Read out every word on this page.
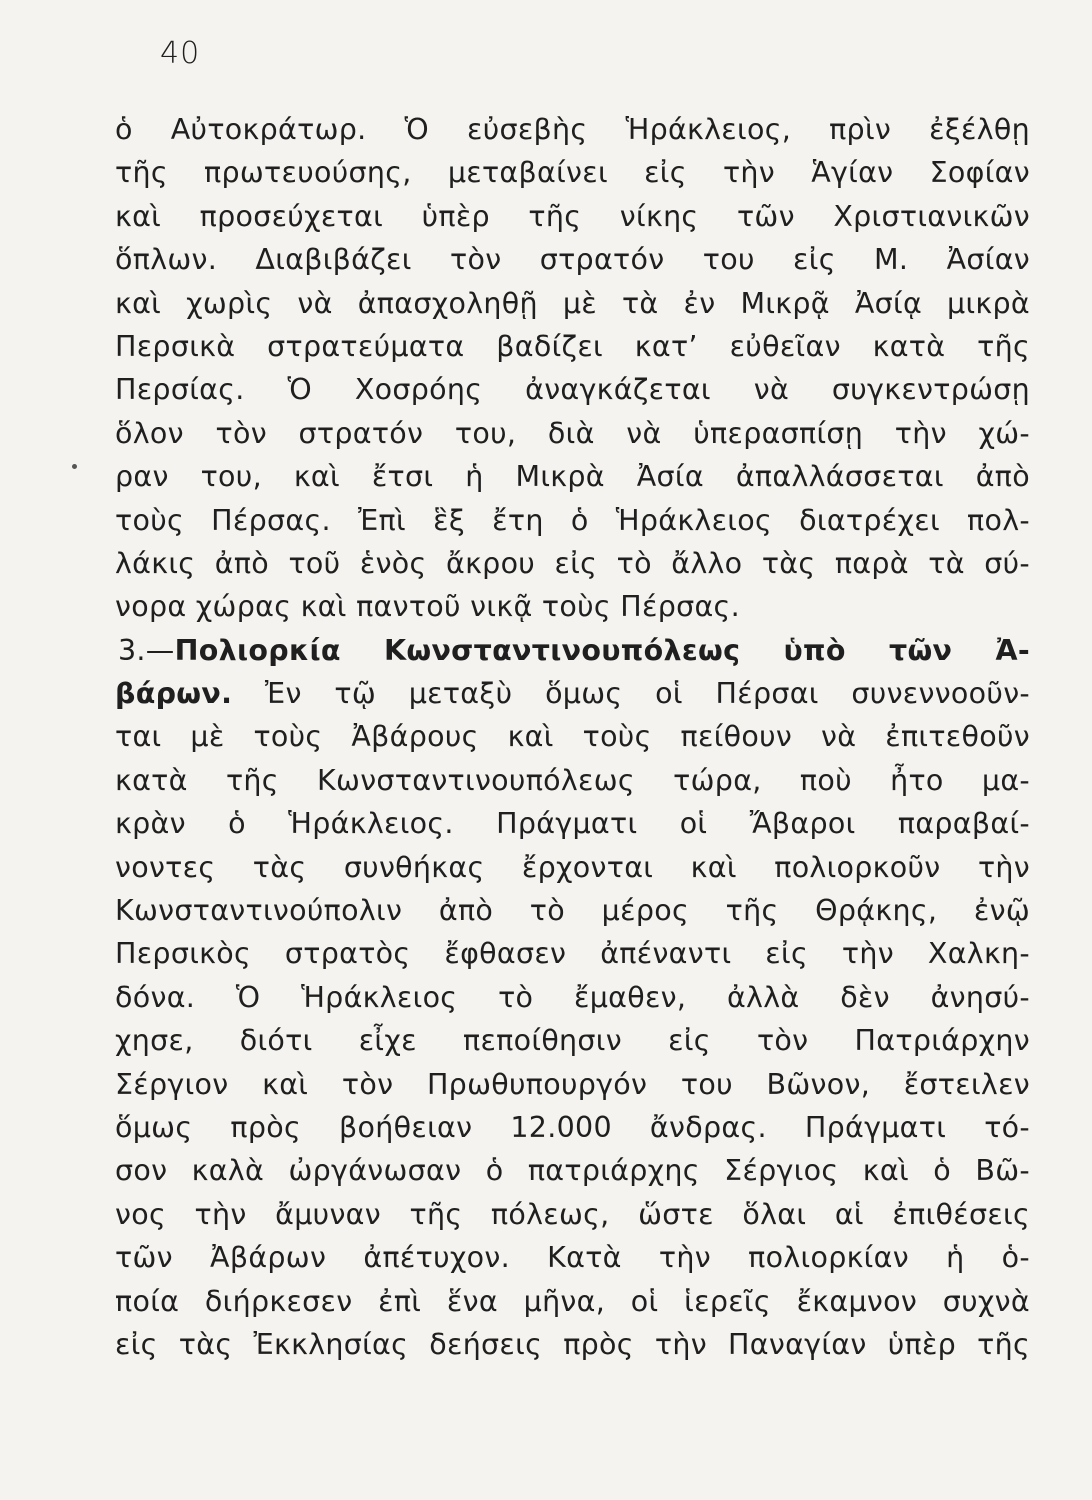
40
ὁ Αὐτοκράτωρ. Ὁ εὐσεβὴς Ἡράκλειος, πρὶν ἐξέλθῃ
τῆς πρωτευούσης, μεταβαίνει εἰς τὴν Ἁγίαν Σοφίαν
καὶ προσεύχεται ὑπὲρ τῆς νίκης τῶν Χριστιανικῶν
ὅπλων. Διαβιβάζει τὸν στρατόν του εἰς Μ. Ἀσίαν
καὶ χωρὶς νὰ ἀπασχοληθῇ μὲ τὰ ἐν Μικρᾷ Ἀσίᾳ μικρὰ
Περσικὰ στρατεύματα βαδίζει κατ’ εὐθεῖαν κατὰ τῆς
Περσίας. Ὁ Χοσρόης ἀναγκάζεται νὰ συγκεντρώσῃ
ὅλον τὸν στρατόν του, διὰ νὰ ὑπερασπίσῃ τὴν χώ-
ραν του, καὶ ἔτσι ἡ Μικρὰ Ἀσία ἀπαλλάσσεται ἀπὸ
τοὺς Πέρσας. Ἐπὶ ἓξ ἔτη ὁ Ἡράκλειος διατρέχει πολ-
λάκις ἀπὸ τοῦ ἑνὸς ἄκρου εἰς τὸ ἄλλο τὰς παρὰ τὰ σύ-
νορα χώρας καὶ παντοῦ νικᾷ τοὺς Πέρσας.
3.—Πολιορκία Κωνσταντινουπόλεως ὑπὸ τῶν Ἀ-
βάρων. Ἐν τῷ μεταξὺ ὅμως οἱ Πέρσαι συνεννοοῦν-
ται μὲ τοὺς Ἀβάρους καὶ τοὺς πείθουν νὰ ἐπιτεθοῦν
κατὰ τῆς Κωνσταντινουπόλεως τώρα, ποὺ ἦτο μα-
κρὰν ὁ Ἡράκλειος. Πράγματι οἱ Ἄβαροι παραβαί-
νοντες τὰς συνθήκας ἔρχονται καὶ πολιορκοῦν τὴν
Κωνσταντινούπολιν ἀπὸ τὸ μέρος τῆς Θρᾴκης, ἐνῷ
Περσικὸς στρατὸς ἔφθασεν ἀπέναντι εἰς τὴν Χαλκη-
δόνα. Ὁ Ἡράκλειος τὸ ἔμαθεν, ἀλλὰ δὲν ἀνησύ-
χησε, διότι εἶχε πεποίθησιν εἰς τὸν Πατριάρχην
Σέργιον καὶ τὸν Πρωθυπουργόν του Βῶνον, ἔστειλεν
ὅμως πρὸς βοήθειαν 12.000 ἄνδρας. Πράγματι τό-
σον καλὰ ὠργάνωσαν ὁ πατριάρχης Σέργιος καὶ ὁ Βῶ-
νος τὴν ἄμυναν τῆς πόλεως, ὥστε ὅλαι αἱ ἐπιθέσεις
τῶν Ἀβάρων ἀπέτυχον. Κατὰ τὴν πολιορκίαν ἡ ὁ-
ποία διήρκεσεν ἐπὶ ἕνα μῆνα, οἱ ἱερεῖς ἔκαμνον συχνὰ
εἰς τὰς Ἐκκλησίας δεήσεις πρὸς τὴν Παναγίαν ὑπὲρ τῆς
